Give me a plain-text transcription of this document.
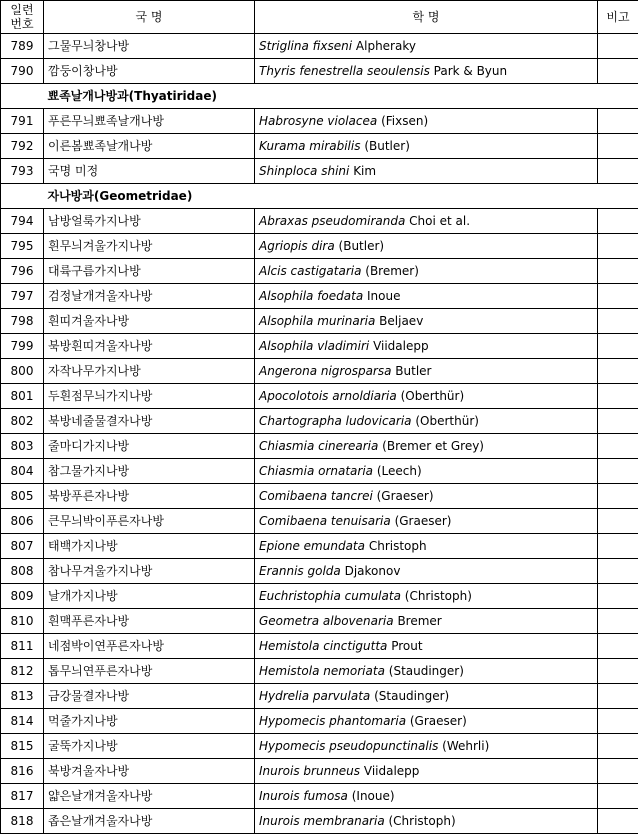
일련
번호	국 명	학 명	비고
789	그물무늬창나방	Striglina fixseni Alpheraky	
790	깜둥이창나방	Thyris fenestrella seoulensis Park & Byun	
	뾰족날개나방과(Thyatiridae)		
791	푸른무늬뾰족날개나방	Habrosyne violacea (Fixsen)	
792	이른봄뾰족날개나방	Kurama mirabilis (Butler)	
793	국명 미정	Shinploca shini Kim	
	자나방과(Geometridae)		
794	남방얼룩가지나방	Abraxas pseudomiranda Choi et al.	
795	흰무늬겨울가지나방	Agriopis dira (Butler)	
796	대륙구름가지나방	Alcis castigataria (Bremer)	
797	검정날개겨울자나방	Alsophila foedata Inoue	
798	흰띠겨울자나방	Alsophila murinaria Beljaev	
799	북방흰띠겨울자나방	Alsophila vladimiri Viidalepp	
800	자작나무가지나방	Angerona nigrosparsa Butler	
801	두흰점무늬가지나방	Apocolotois arnoldiaria (Oberthür)	
802	북방네줄물결자나방	Chartographa ludovicaria (Oberthür)	
803	줄마디가지나방	Chiasmia cinerearia (Bremer et Grey)	
804	참그물가지나방	Chiasmia ornataria (Leech)	
805	북방푸른자나방	Comibaena tancrei (Graeser)	
806	큰무늬박이푸른자나방	Comibaena tenuisaria (Graeser)	
807	태백가지나방	Epione emundata Christoph	
808	참나무겨울가지나방	Erannis golda Djakonov	
809	날개가지나방	Euchristophia cumulata (Christoph)	
810	흰맥푸른자나방	Geometra albovenaria Bremer	
811	네점박이연푸른자나방	Hemistola cinctigutta Prout	
812	톱무늬연푸른자나방	Hemistola nemoriata (Staudinger)	
813	금강물결자나방	Hydrelia parvulata (Staudinger)	
814	먹줄가지나방	Hypomecis phantomaria (Graeser)	
815	굴뚝가지나방	Hypomecis pseudopunctinalis (Wehrli)	
816	북방겨울자나방	Inurois brunneus Viidalepp	
817	얇은날개겨울자나방	Inurois fumosa (Inoue)	
818	좁은날개겨울자나방	Inurois membranaria (Christoph)	
